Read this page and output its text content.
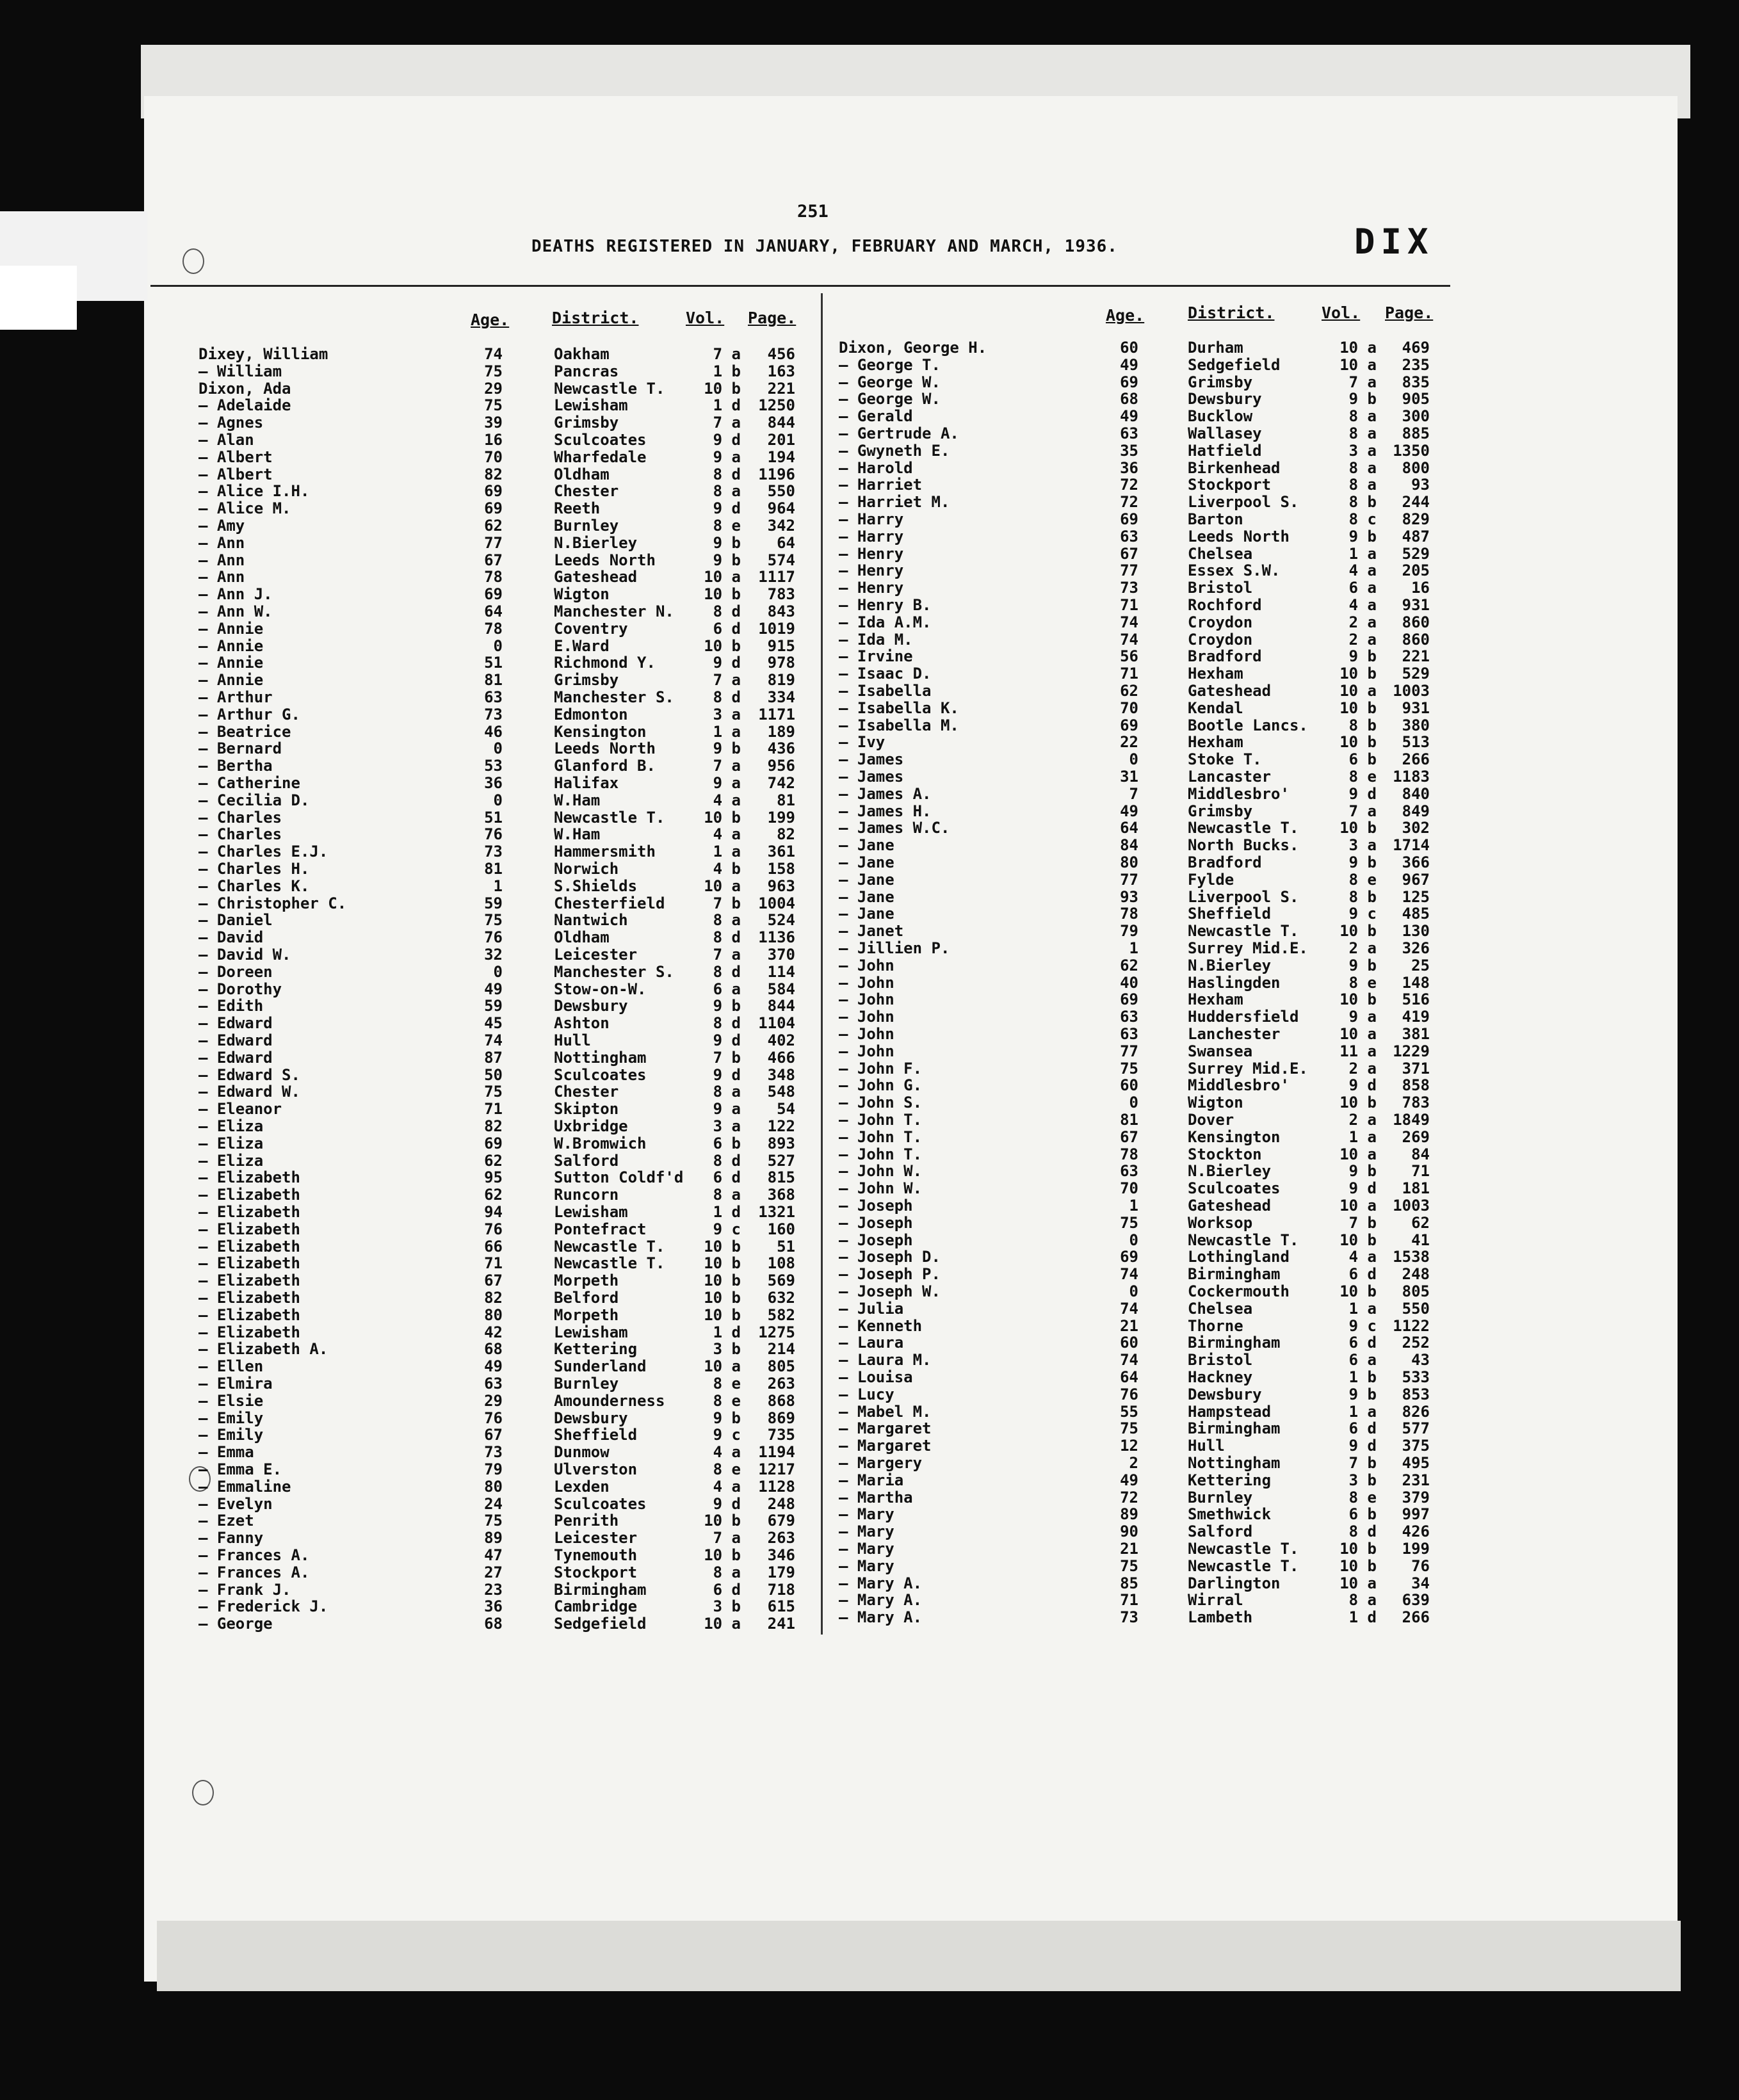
251
DEATHS REGISTERED IN JANUARY, FEBRUARY AND MARCH, 1936.	DIX
Age.	District.	Vol. Page.	Age.	District.	Vol. Page.
Dixey, William	74	Oakham	7 a 456
— William	75	Pancras	1 b 163
Dixon, Ada	29	Newcastle T.	10 b 221
— Adelaide	75	Lewisham	1 d 1250
— Agnes	39	Grimsby	7 a 844
— Alan	16	Sculcoates	9 d 201
— Albert	70	Wharfedale	9 a 194
— Albert	82	Oldham	8 d 1196
— Alice I.H.	69	Chester	8 a 550
— Alice M.	69	Reeth	9 d 964
— Amy	62	Burnley	8 e 342
— Ann	77	N.Bierley	9 b 64
— Ann	67	Leeds North	9 b 574
— Ann	78	Gateshead	10 a 1117
— Ann J.	69	Wigton	10 b 783
— Ann W.	64	Manchester N.	8 d 843
— Annie	78	Coventry	6 d 1019
— Annie	0	E.Ward	10 b 915
— Annie	51	Richmond Y.	9 d 978
— Annie	81	Grimsby	7 a 819
— Arthur	63	Manchester S.	8 d 334
— Arthur G.	73	Edmonton	3 a 1171
— Beatrice	46	Kensington	1 a 189
— Bernard	0	Leeds North	9 b 436
— Bertha	53	Glanford B.	7 a 956
— Catherine	36	Halifax	9 a 742
— Cecilia D.	0	W.Ham	4 a 81
— Charles	51	Newcastle T.	10 b 199
— Charles	76	W.Ham	4 a 82
— Charles E.J.	73	Hammersmith	1 a 361
— Charles H.	81	Norwich	4 b 158
— Charles K.	1	S.Shields	10 a 963
— Christopher C.	59	Chesterfield	7 b 1004
— Daniel	75	Nantwich	8 a 524
— David	76	Oldham	8 d 1136
— David W.	32	Leicester	7 a 370
— Doreen	0	Manchester S.	8 d 114
— Dorothy	49	Stow-on-W.	6 a 584
— Edith	59	Dewsbury	9 b 844
— Edward	45	Ashton	8 d 1104
— Edward	74	Hull	9 d 402
— Edward	87	Nottingham	7 b 466
— Edward S.	50	Sculcoates	9 d 348
— Edward W.	75	Chester	8 a 548
— Eleanor	71	Skipton	9 a 54
— Eliza	82	Uxbridge	3 a 122
— Eliza	69	W.Bromwich	6 b 893
— Eliza	62	Salford	8 d 527
— Elizabeth	95	Sutton Coldf'd 6 d 815
— Elizabeth	62	Runcorn	8 a 368
— Elizabeth	94	Lewisham	1 d 1321
— Elizabeth	76	Pontefract	9 c 160
— Elizabeth	66	Newcastle T.	10 b 51
— Elizabeth	71	Newcastle T.	10 b 108
— Elizabeth	67	Morpeth	10 b 569
— Elizabeth	82	Belford	10 b 632
— Elizabeth	80	Morpeth	10 b 582
— Elizabeth	42	Lewisham	1 d 1275
— Elizabeth A.	68	Kettering	3 b 214
— Ellen	49	Sunderland	10 a 805
— Elmira	63	Burnley	8 e 263
— Elsie	29	Amounderness	8 e 868
— Emily	76	Dewsbury	9 b 869
— Emily	67	Sheffield	9 c 735
— Emma	73	Dunmow	4 a 1194
— Emma E.	79	Ulverston	8 e 1217
— Emmaline	80	Lexden	4 a 1128
— Evelyn	24	Sculcoates	9 d 248
— Ezet	75	Penrith	10 b 679
— Fanny	89	Leicester	7 a 263
— Frances A.	47	Tynemouth	10 b 346
— Frances A.	27	Stockport	8 a 179
— Frank J.	23	Birmingham	6 d 718
— Frederick J.	36	Cambridge	3 b 615
— George	68	Sedgefield	10 a 241
Dixon, George H.	60	Durham	10 a 469
— George T.	49	Sedgefield	10 a 235
— George W.	69	Grimsby	7 a 835
— George W.	68	Dewsbury	9 b 905
— Gerald	49	Bucklow	8 a 300
— Gertrude A.	63	Wallasey	8 a 885
— Gwyneth E.	35	Hatfield	3 a 1350
— Harold	36	Birkenhead	8 a 800
— Harriet	72	Stockport	8 a 93
— Harriet M.	72	Liverpool S.	8 b 244
— Harry	69	Barton	8 c 829
— Harry	63	Leeds North	9 b 487
— Henry	67	Chelsea	1 a 529
— Henry	77	Essex S.W.	4 a 205
— Henry	73	Bristol	6 a 16
— Henry B.	71	Rochford	4 a 931
— Ida A.M.	74	Croydon	2 a 860
— Ida M.	74	Croydon	2 a 860
— Irvine	56	Bradford	9 b 221
— Isaac D.	71	Hexham	10 b 529
— Isabella	62	Gateshead	10 a 1003
— Isabella K.	70	Kendal	10 b 931
— Isabella M.	69	Bootle Lancs.	8 b 380
— Ivy	22	Hexham	10 b 513
— James	0	Stoke T.	6 b 266
— James	31	Lancaster	8 e 1183
— James A.	7	Middlesbro'	9 d 840
— James H.	49	Grimsby	7 a 849
— James W.C.	64	Newcastle T.	10 b 302
— Jane	84	North Bucks.	3 a 1714
— Jane	80	Bradford	9 b 366
— Jane	77	Fylde	8 e 967
— Jane	93	Liverpool S.	8 b 125
— Jane	78	Sheffield	9 c 485
— Janet	79	Newcastle T.	10 b 130
— Jillien P.	1	Surrey Mid.E.	2 a 326
— John	62	N.Bierley	9 b 25
— John	40	Haslingden	8 e 148
— John	69	Hexham	10 b 516
— John	63	Huddersfield	9 a 419
— John	63	Lanchester	10 a 381
— John	77	Swansea	11 a 1229
— John F.	75	Surrey Mid.E.	2 a 371
— John G.	60	Middlesbro'	9 d 858
— John S.	0	Wigton	10 b 783
— John T.	81	Dover	2 a 1849
— John T.	67	Kensington	1 a 269
— John T.	78	Stockton	10 a 84
— John W.	63	N.Bierley	9 b 71
— John W.	70	Sculcoates	9 d 181
— Joseph	1	Gateshead	10 a 1003
— Joseph	75	Worksop	7 b 62
— Joseph	0	Newcastle T.	10 b 41
— Joseph D.	69	Lothingland	4 a 1538
— Joseph P.	74	Birmingham	6 d 248
— Joseph W.	0	Cockermouth	10 b 805
— Julia	74	Chelsea	1 a 550
— Kenneth	21	Thorne	9 c 1122
— Laura	60	Birmingham	6 d 252
— Laura M.	74	Bristol	6 a 43
— Louisa	64	Hackney	1 b 533
— Lucy	76	Dewsbury	9 b 853
— Mabel M.	55	Hampstead	1 a 826
— Margaret	75	Birmingham	6 d 577
— Margaret	12	Hull	9 d 375
— Margery	2	Nottingham	7 b 495
— Maria	49	Kettering	3 b 231
— Martha	72	Burnley	8 e 379
— Mary	89	Smethwick	6 b 997
— Mary	90	Salford	8 d 426
— Mary	21	Newcastle T.	10 b 199
— Mary	75	Newcastle T.	10 b 76
— Mary A.	85	Darlington	10 a 34
— Mary A.	71	Wirral	8 a 639
— Mary A.	73	Lambeth	1 d 266
